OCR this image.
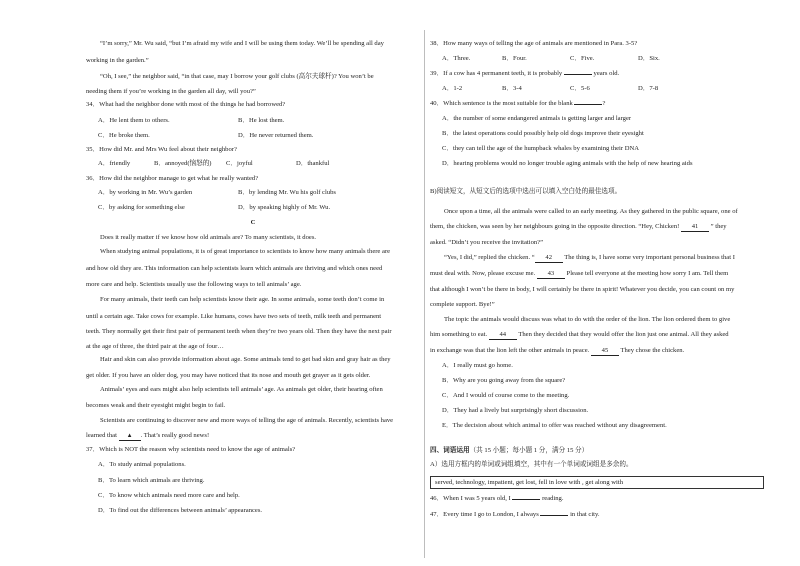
“I’m sorry,” Mr. Wu said, “but I’m afraid my wife and I will be using them today. We’ll be spending all day
working in the garden.”
“Oh, I see,” the neighbor said, “in that case, may I borrow your golf clubs (高尔夫球杆)? You won’t be
needing them if you’re working in the garden all day, will you?”
34．What had the neighbor done with most of the things he had borrowed?
A．He lent them to others.	B．He lost them.
C．He broke them.	D．He never returned them.
35．How did Mr. and Mrs Wu feel about their neighbor?
A．friendly	B．annoyed(恼怒的) C．joyful	D．thankful
36．How did the neighbor manage to get what he really wanted?
A．by working in Mr. Wu’s garden	B．by lending Mr. Wu his golf clubs
C．by asking for something else	D．by speaking highly of Mr. Wu.
C
Does it really matter if we know how old animals are? To many scientists, it does.
When studying animal populations, it is of great importance to scientists to know how many animals there are
and how old they are. This information can help scientists learn which animals are thriving and which ones need
more care and help. Scientists usually use the following ways to tell animals’ age.
For many animals, their teeth can help scientists know their age. In some animals, some teeth don’t come in
until a certain age. Take cows for example. Like humans, cows have two sets of teeth, milk teeth and permanent
teeth. They normally get their first pair of permanent teeth when they’re two years old. Then they have the next pair
at the age of three, the third pair at the age of four…
Hair and skin can also provide information about age. Some animals tend to get bad skin and gray hair as they
get older. If you have an older dog, you may have noticed that its nose and mouth get grayer as it gets older.
Animals’ eyes and ears might also help scientists tell animals’ age. As animals get older, their hearing often
becomes weak and their eyesight might begin to fail.
Scientists are continuing to discover new and more ways of telling the age of animals. Recently, scientists have
learned that ▲ . That’s really good news!
37．Which is NOT the reason why scientists need to know the age of animals?
A．To study animal populations.
B．To learn which animals are thriving.
C．To know which animals need more care and help.
D．To find out the differences between animals’ appearances.
38．How many ways of telling the age of animals are mentioned in Para. 3-5?
A．Three.	B．Four.	C．Five.	D．Six.
39．If a cow has 4 permanent teeth, it is probably	years old.
A．1-2	B．3-4	C．5-6	D．7-8
40．Which sentence is the most suitable for the blank	?
A．the number of some endangered animals is getting larger and larger
B．the latest operations could possibly help old dogs improve their eyesight
C．they can tell the age of the humpback whales by examining their DNA
D．hearing problems would no longer trouble aging animals with the help of new hearing aids
B)阅读短文，从短文后的选项中选出可以填入空白处的最佳选项。
Once upon a time, all the animals were called to an early meeting. As they gathered in the public square, one of
them, the chicken, was seen by her neighbours going in the opposite direction. “Hey, Chicken! 41 ” they
asked. “Didn’t you receive the invitation?”
“Yes, I did,” replied the chicken. “ 42 The thing is, I have some very important personal business that I
must deal with. Now, please excuse me. 43 Please tell everyone at the meeting how sorry I am. Tell them
that although I won’t be there in body, I will certainly be there in spirit! Whatever you decide, you can count on my
complete support. Bye!”
The topic the animals would discuss was what to do with the order of the lion. The lion ordered them to give
him something to eat. 44 Then they decided that they would offer the lion just one animal. All they asked
in exchange was that the lion left the other animals in peace. 45 They chose the chicken.
A．I really must go home.
B．Why are you going away from the square?
C．And I would of course come to the meeting.
D．They had a lively but surprisingly short discussion.
E．The decision about which animal to offer was reached without any disagreement.
四、词语运用（共 15 小题；每小题 1 分，满分 15 分）
A）选用方框内的单词或词组填空，其中有一个单词或词组是多余的。
served, technology, impatient, get lost, fell in love with , get along with
46．When I was 5 years old, I	reading.
47．Every time I go to London, I always	in that city.
